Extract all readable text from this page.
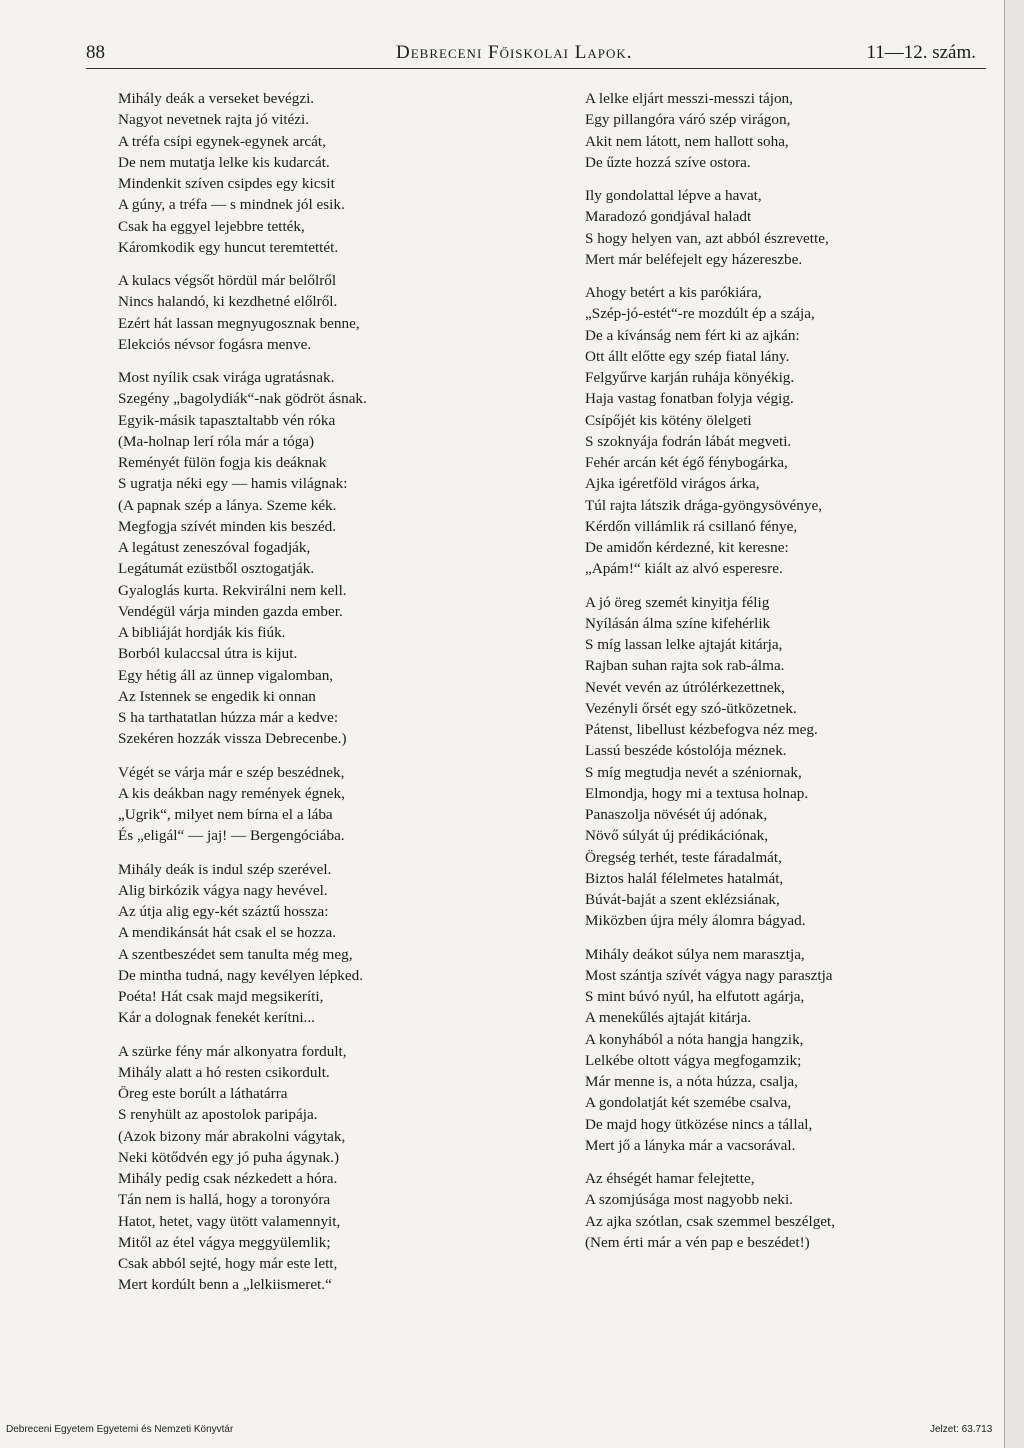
88	Debreceni Főiskolai Lapok.	11—12. szám.
Mihály deák a verseket bevégzi.
Nagyot nevetnek rajta jó vitézi.
A tréfa csípi egynek-egynek arcát,
De nem mutatja lelke kis kudarcát.
Mindenkit szíven csipdes egy kicsit
A gúny, a tréfa — s mindnek jól esik.
Csak ha eggyel lejebbre tették,
Káromkodik egy huncut teremtettét.
A kulacs végsőt hördül már belőlről
Nincs halandó, ki kezdhetné előlről.
Ezért hát lassan megnyugosznak benne,
Elekciós névsor fogásra menve.
Most nyílik csak virága ugratásnak.
Szegény „bagolydiák“-nak gödröt ásnak.
Egyik-másik tapasztaltabb vén róka
(Ma-holnap lerí róla már a tóga)
Reményét fülön fogja kis deáknak
S ugratja néki egy — hamis világnak:
(A papnak szép a lánya. Szeme kék.
Megfogja szívét minden kis beszéd.
A legátust zeneszóval fogadják,
Legátumát ezüstből osztogatják.
Gyaloglás kurta. Rekvirálni nem kell.
Vendégül várja minden gazda ember.
A bibliáját hordják kis fiúk.
Borból kulaccsal útra is kijut.
Egy hétig áll az ünnep vigalomban,
Az Istennek se engedik ki onnan
S ha tarthatatlan húzza már a kedve:
Szekéren hozzák vissza Debrecenbe.)
Végét se várja már e szép beszédnek,
A kis deákban nagy remények égnek,
„Ugrik“, milyet nem bírna el a lába
És „eligál“ — jaj! — Bergengóciába.
Mihály deák is indul szép szerével.
Alig birkózik vágya nagy hevével.
Az útja alig egy-két száztű hossza:
A mendikánsát hát csak el se hozza.
A szentbeszédet sem tanulta még meg,
De mintha tudná, nagy kevélyen lépked.
Poéta! Hát csak majd megsikeríti,
Kár a dolognak fenekét kerítni...
A szürke fény már alkonyatra fordult,
Mihály alatt a hó resten csikordult.
Öreg este borúlt a láthatárra
S renyhült az apostolok paripája.
(Azok bizony már abrakolni vágytak,
Neki kötődvén egy jó puha ágynak.)
Mihály pedig csak nézkedett a hóra.
Tán nem is hallá, hogy a toronyóra
Hatot, hetet, vagy ütött valamennyit,
Mitől az étel vágya meggyülemlik;
Csak abból sejté, hogy már este lett,
Mert kordúlt benn a „lelkiismeret.“
A lelke eljárt messzi-messzi tájon,
Egy pillangóra váró szép virágon,
Akit nem látott, nem hallott soha,
De űzte hozzá szíve ostora.
Ily gondolattal lépve a havat,
Maradozó gondjával haladt
S hogy helyen van, azt abból észrevette,
Mert már beléfejelt egy házereszbe.
Ahogy betért a kis parókiára,
„Szép-jó-estét“-re mozdúlt ép a szája,
De a kívánság nem fért ki az ajkán:
Ott állt előtte egy szép fiatal lány.
Felgyűrve karján ruhája könyékig.
Haja vastag fonatban folyja végig.
Csípőjét kis kötény ölelgeti
S szoknyája fodrán lábát megveti.
Fehér arcán két égő fénybogárka,
Ajka igéretföld virágos árka,
Túl rajta látszik drága-gyöngysövénye,
Kérdőn villámlik rá csillanó fénye,
De amidőn kérdezné, kit keresne:
„Apám!“ kiált az alvó esperesre.
A jó öreg szemét kinyitja félig
Nyílásán álma színe kifehérlik
S míg lassan lelke ajtaját kitárja,
Rajban suhan rajta sok rab-álma.
Nevét vevén az útrólérkezettnek,
Vezényli őrsét egy szó-ütközetnek.
Pátenst, libellust kézbefogva néz meg.
Lassú beszéde kóstolója méznek.
S míg megtudja nevét a széniornak,
Elmondja, hogy mi a textusa holnap.
Panaszolja növését új adónak,
Növő súlyát új prédikációnak,
Öregség terhét, teste fáradalmát,
Biztos halál félelmetes hatalmát,
Búvát-baját a szent eklézsiának,
Miközben újra mély álomra bágyad.
Mihály deákot súlya nem marasztja,
Most szántja szívét vágya nagy parasztja
S mint búvó nyúl, ha elfutott agárja,
A menekűlés ajtaját kitárja.
A konyhából a nóta hangja hangzik,
Lelkébe oltott vágya megfogamzik;
Már menne is, a nóta húzza, csalja,
A gondolatját két szemébe csalva,
De majd hogy ütközése nincs a tállal,
Mert jő a lányka már a vacsorával.
Az éhségét hamar felejtette,
A szomjúsága most nagyobb neki.
Az ajka szótlan, csak szemmel beszélget,
(Nem érti már a vén pap e beszédet!)
Debreceni Egyetem Egyetemi és Nemzeti Könyvtár	Jelzet: 63.713
